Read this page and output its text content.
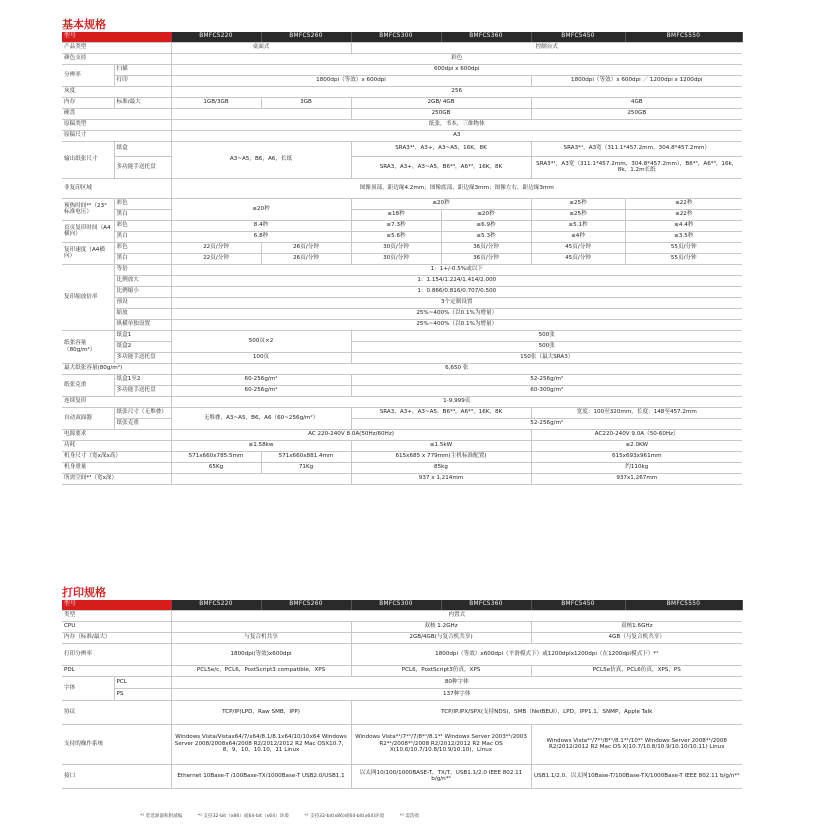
基本规格
型号		BMFC5220	BMFC5260	BMFC5300	BMFC5360	BMFC5450	BMFC5550
产品类型		桌面式		控制台式			
颜色支持		彩色					
分辨率	扫描	600dpi x 600dpi					
	打印	1800dpi（等效）x 600dpi				1800dpi（等效）x 600dpi ／ 1200dpi x 1200dpi	
灰度		256					
内存	标准/最大	1GB/3GB	3GB	2GB/ 4GB		4GB	
硬盘				250GB		250GB	
原稿类型		纸张，书本，三维物体					
原稿尺寸		A3					
输出纸张尺寸	纸盒	A3~A5，B6，A6，长纸		SRA3*¹，A3+，A3~A5，16K，8K		SRA3*¹，A3宽（311.1*457.2mm，304.8*457.2mm）	
	多功能手送托盘			SRA3，A3+，A3~A5，B6*³，A6*³，16K，8K		SRA3*¹，A3宽（311.1*457.2mm，304.8*457.2mm），B6*³，A6*³，16k，8k，1.2m长纸	
非复印区域		图像顶部，距边缘4.2mm；图像底部，距边缘3mm；图像左右，距边缘3mm					
预热时间*²（23°标准电压）	彩色	≤20秒		≤20秒		≤25秒	≤22秒
	黑白			≤18秒	≤20秒	≤25秒	≤22秒
首页复印时间（A4横向）	彩色	8.4秒		≤7.3秒	≤6.9秒	≤5.1秒	≤4.4秒
	黑白	6.8秒		≤5.6秒	≤5.3秒	≤4秒	≤3.5秒
复印速度（A4横向）	彩色	22页/分钟	26页/分钟	30页/分钟	36页/分钟	45页/分钟	55页/分钟
	黑白	22页/分钟	26页/分钟	30页/分钟	36页/分钟	45页/分钟	55页/分钟
复印缩放倍率	等倍	1：1+/-0.5%或以下					
	比例放大	1：1.154/1.224/1.414/2.000					
	比例缩小	1：0.866/0.816/0.707/0.500					
	预设	3个定制设置					
	缩放	25%~400%（以0.1%为增量）					
	纵横单独设置	25%~400%（以0.1%为增量）					
纸张容量（80g/m²）	纸盒1	500页×2		500张			
	纸盒2			500张			
	多功能手送托盘	100页		150张（最大SRA3）			
最大纸张容量(80g/m²)		6,650 张					
纸张克重	纸盒1至2	60-256g/m²		52-256g/m²			
	多功能手送托盘	60-256g/m²		60-300g/m²			
连续复印		1-9,999页					
自动双面器	纸张尺寸（无堆叠）	无堆叠，A3~A5，B6，A6（60~256g/m²）		SRA3，A3+，A3~A5，B6*³，A6*³，16K，8K		宽度：100至320mm，长度：148至457.2mm	
	纸张克重			52-256g/m²			
电源要求		AC 220-240V 8.0A(50Hz/60Hz)				AC220-240V 9.0A（50-60Hz）	
功耗		≤1.58kw		≤1.5kW		≤2.0KW	
机身尺寸（宽x深x高）		571x660x785.5mm	571x660x881.4mm	615x685 x 779mm(主机标准配置)		615x693x961mm	
机身重量		65Kg	71Kg	85kg		约110kg	
所需空间*³（宽x深）				937 x 1,214mm		937x1,267mm	
打印规格
型号		BMFC5220	BMFC5260	BMFC5300	BMFC5360	BMFC5450	BMFC5550
类型		内置式					
CPU				双核 1.2GHz		双核1.6GHz	
内存（标准/最大）		与复合机共享		2GB/4GB(与复合机共享)		4GB（与复合机共享）	
打印分辨率		1800dpi(等效)x600dpi		1800dpi（等效）x600dpi（平滑模式下）或1200dpix1200dpi（在1200dpi模式下）*¹			
PDL		PCL5e/c，PCL6，PostScript3 compatible，XPS		PCL6，PostScript3仿真，XPS		PCL5e仿真，PCL6仿真，XPS，PS	
字体	PCL	80种字体					
	PS	137种字体					
协议		TCP/IP(LPD，Raw SMB，IPP)		TCP/IP.IPX/SPX(支持NDS)，SMB（NetBEUI），LPD，IPP1.1，SNMP，Apple Talk			
支持的操作系统		Windows Vista/Vistax64/7/x64/8.1/8.1x64/10/10x64 Windows Server 2008/2008x64/2008 R2/2012/2012 R2 Mac OSX10.7，8，9，10，10.10，11 Linux		Windows Vista*¹/7*¹/7/8*¹/8.1*¹ Windows Server 2003*¹/2003 R2*¹/2008*¹/2008 R2/2012/2012 R2 Mac OS X(10.6/10.7/10.8/10.9/10.10)，Linux		Windows Vista*¹/7*¹/8*¹/8.1*¹/10*¹ Windows Server 2008*¹/2008 R2/2012/2012 R2 Mac OS X(10.7/10.8/10.9/10.10/10.11) Linux	
接口		Ethernet 10Base-T /100Base-TX/1000Base-T USB2.0/USB1.1		以太网10/100/1000BASE-T，TX/T，USB1.1/2.0 IEEE 802.11 b/g/n*²		USB1.1/2.0，以太网10Base-T/100Base-TX/1000Base-T IEEE 802.11 b/g/n*²	
*¹ 装选源器和附减编	*² 支持32-bit（x86）或64-bit（x64）环境	*¹ 支持32-bit(x86)或64-bit(x64)环境	*² 需选购
